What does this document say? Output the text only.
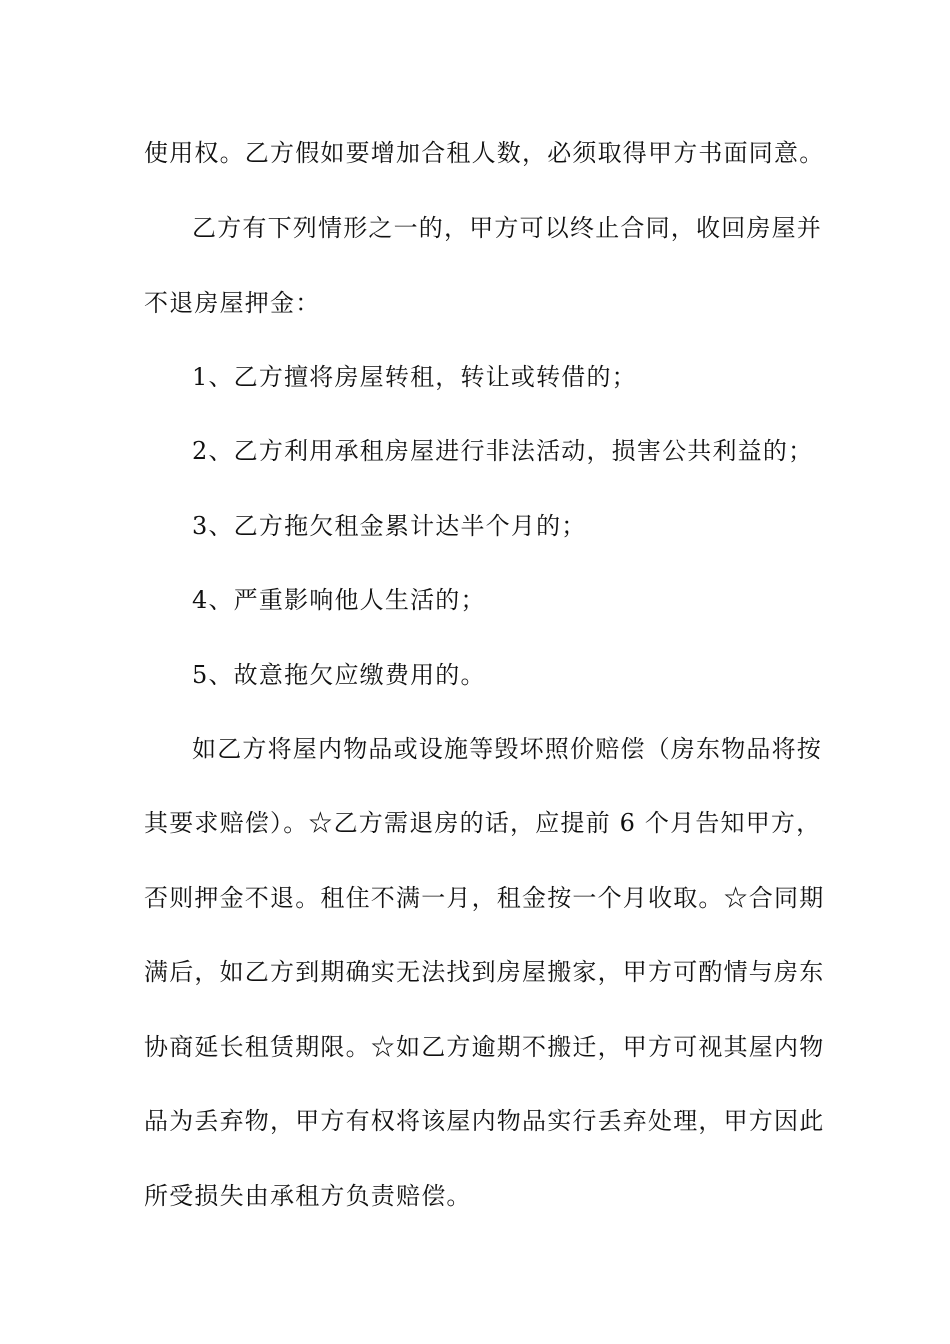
使用权。乙方假如要增加合租人数，必须取得甲方书面同意。
乙方有下列情形之一的，甲方可以终止合同，收回房屋并
不退房屋押金：
1、乙方擅将房屋转租，转让或转借的；
2、乙方利用承租房屋进行非法活动，损害公共利益的；
3、乙方拖欠租金累计达半个月的；
4、严重影响他人生活的；
5、故意拖欠应缴费用的。
如乙方将屋内物品或设施等毁坏照价赔偿（房东物品将按
其要求赔偿）。☆乙方需退房的话，应提前 6 个月告知甲方，
否则押金不退。租住不满一月，租金按一个月收取。☆合同期
满后，如乙方到期确实无法找到房屋搬家，甲方可酌情与房东
协商延长租赁期限。☆如乙方逾期不搬迁，甲方可视其屋内物
品为丢弃物，甲方有权将该屋内物品实行丢弃处理，甲方因此
所受损失由承租方负责赔偿。
